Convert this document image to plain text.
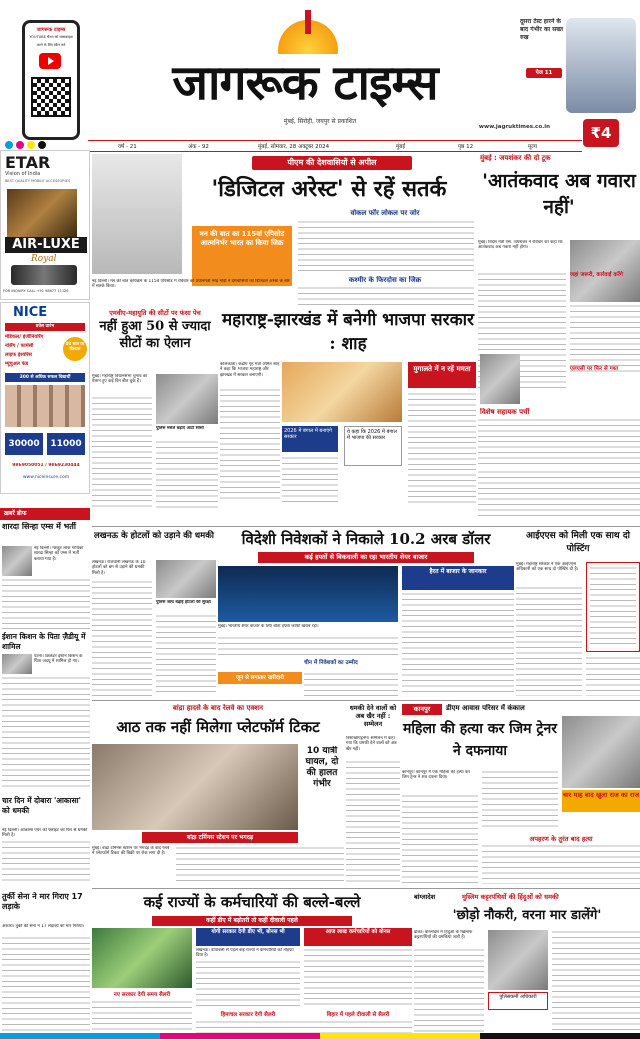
जागरूक टाइम्स
YOUTUBE चैनल को सब्सक्राइब
करने के लिए स्कैन करें
जागरूक टाइम्स
मुंबई, सिरोही, जयपुर से प्रकाशित
www.jagruktimes.co.in
दूसरा टेस्ट हारने के बाद गंभीर का सख्त रुख
पेज 11
₹4
वर्ष - 21	अंक - 92	मुंबई, सोमवार, 28 अक्टूबर 2024	मुंबई	पृष्ठ 12	मूल्य
ETAR
Vision of India
BEST QUALITY MOBILE ACCESSORIES
AIR-LUXE
Royal
FOR INQUIRY CALL +91 98677 11126
NICE
प्रवेश प्रारंभ
मेडिकल/ इंजीनियरिंग
नर्सिंग / फार्मेसी
लाइफ इंश्योरेंस
म्यूचुअल फंड
40 साल का विश्वास
300 से अधिक सफल विद्यार्थी
30000	11000
9869050051 / 9869230444
www.niceinsure.com
ख़बरें ब्रीफ
शारदा सिन्हा एम्स में भर्ती
नई दिल्ली। मशहूर लोक गायिका शारदा सिन्हा को एम्स में भर्ती कराया गया है।
ईशान किशन के पिता ज़ैडीयू में शामिल
पटना। क्रिकेटर ईशान किशन के पिता जदयू में शामिल हो गए।
चार दिन में दोबारा 'आकासा' को धमकी
नई दिल्ली। आकासा एयर की फ्लाइट को फिर से धमकी मिली है।
तुर्की सेना ने मार गिराए 17 लड़ाके
अंकारा। तुर्की की सेना ने 17 लड़ाकों को मार गिराया।
पीएम की देशवासियों से अपील
'डिजिटल अरेस्ट' से रहें सतर्क
मन की बात का 115वां एपिसोड आत्मनिर्भर भारत का किया जिक्र
नई दिल्ली। मन की बात कार्यक्रम के 115वें एपिसोड में रविवार को प्रधानमंत्री नरेंद्र मोदी ने देशवासियों को डिजिटल अरेस्ट के बारे में सतर्क किया।
वोकल फॉर लोकल पर जोर
कश्मीर के फिरदोस का जिक्र
मुंबई : जयशंकर की दो टूक
'आतंकवाद अब गवारा नहीं'
जहां जरूरी, कार्रवाई करेंगे
मुंबई। विदेश मंत्री एस. जयशंकर ने रविवार को कहा कि आतंकवाद अब गवारा नहीं होगा।
एलएसी पर फिर से गश्त
विशेष सहायक पर्ची
एमवीए-महायुति की सीटों पर फंसा पेच
नहीं हुआ 50 से ज्यादा सीटों का ऐलान
मुंबई। महाराष्ट्र विधानसभा चुनाव का ऐलान हुए कई दिन बीत चुके हैं।
पुलिस मसले बढ़ाए आटो सोसो
महाराष्ट्र-झारखंड में बनेगी भाजपा सरकार : शाह
कोलकाता। केंद्रीय गृह मंत्री अमित शाह ने कहा कि भाजपा महाराष्ट्र और झारखंड में सरकार बनाएगी।
मुगालते में न रहें ममता
2026 में बंगाल में बनाएंगे सरकार
ये कहा कि 2026 में बंगाल में भाजपा की सरकार
विदेशी निवेशकों ने निकाले 10.2 अरब डॉलर
कई हफ्तों से बिकवाली का रहा भारतीय शेयर बाजार
मुंबई। भारतीय शेयर बाजार के लिए बीता हफ्ता काफी खराब रहा।
चीन में निवेशकों का उम्मीद
जून से लगातार खरीदारी
हैरत में बाजार के जानकार
लखनऊ के होटलों को उड़ाने की धमकी
लखनऊ। राजधानी लखनऊ के 10 होटलों को बम से उड़ाने की धमकी मिली है।
पुलिस जांच बढ़ाई होटलों की सुरक्षा
आईएएस को मिली एक साथ दो पोस्टिंग
मुंबई। महाराष्ट्र सरकार ने एक आईएएस अधिकारी को एक साथ दो पोस्टिंग दी है।
बांद्रा हादसे के बाद रेलवे का एक्शन
आठ तक नहीं मिलेगा प्लेटफॉर्म टिकट
10 यात्री घायल, दो की हालत गंभीर
बांद्रा टर्मिनस स्टेशन पर भगदड़
मुंबई। बांद्रा टर्मिनस स्टेशन पर भगदड़ के बाद रेलवे ने प्लेटफॉर्म टिकट की बिक्री पर रोक लगा दी है।
धमकी देने वालों को अब खैर नहीं : सम्मेलन
विशाखापट्टनम। सम्मेलन में कहा गया कि धमकी देने वालों को अब खैर नहीं।
कानपुर	डीएम आवास परिसर में कंकाल
महिला की हत्या कर जिम ट्रेनर ने दफनाया
कानपुर। कानपुर में एक महिला की हत्या कर जिम ट्रेनर ने शव दफना दिया।
चार माह बाद खुला राज का राज
अपहरण के तुरंत बाद हत्या
कई राज्यों के कर्मचारियों की बल्ले-बल्ले
कहीं डीए में बढ़ोतरी तो कहीं दीवाली पहले
योगी सरकार देगी डीए भी, बोनस भी	आज लाख कर्मचारियों को बोनस
लखनऊ। दीपावली से पहले कई राज्यों ने कर्मचारियों को तोहफा दिया है।
नए सरकार देगी समय सैलरी
हिमाचल सरकार देगी सैलरी	बिहार में पहले दीवाली से सैलरी
बांग्लादेश	मुस्लिम कट्टरपंथियों की हिंदुओं को धमकी
'छोड़ो नौकरी, वरना मार डालेंगे'
ढाका। बांग्लादेश में हिंदुओं के खिलाफ कट्टरपंथियों की धमकियां जारी हैं।
पुलिसकर्मी अधिकारी
